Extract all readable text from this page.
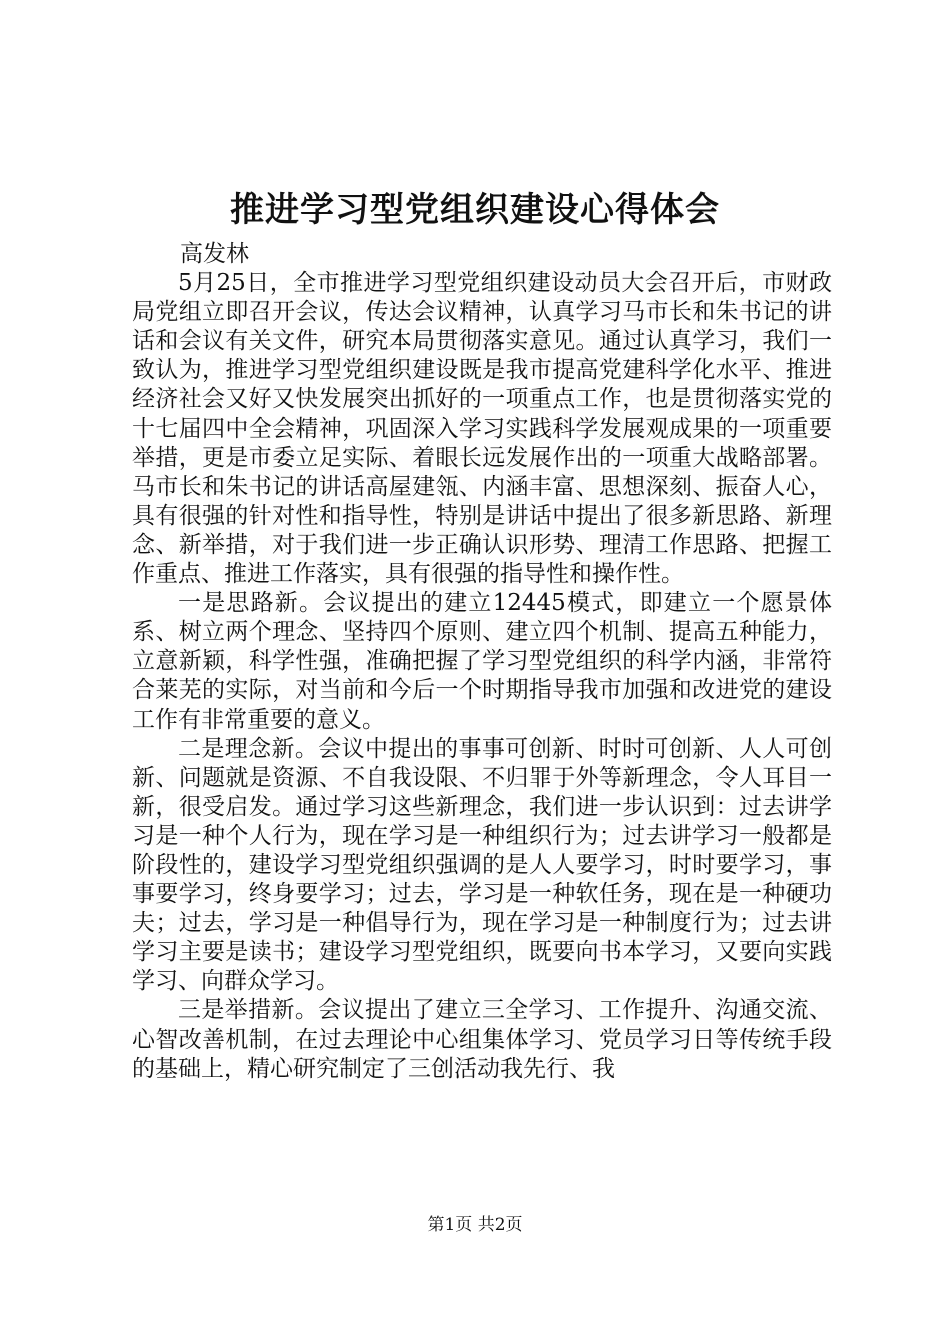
推进学习型党组织建设心得体会

高发林

5月25日，全市推进学习型党组织建设动员大会召开后，市财政局党组立即召开会议，传达会议精神，认真学习马市长和朱书记的讲话和会议有关文件，研究本局贯彻落实意见。通过认真学习，我们一致认为，推进学习型党组织建设既是我市提高党建科学化水平、推进经济社会又好又快发展突出抓好的一项重点工作，也是贯彻落实党的十七届四中全会精神，巩固深入学习实践科学发展观成果的一项重要举措，更是市委立足实际、着眼长远发展作出的一项重大战略部署。马市长和朱书记的讲话高屋建瓴、内涵丰富、思想深刻、振奋人心，具有很强的针对性和指导性，特别是讲话中提出了很多新思路、新理念、新举措，对于我们进一步正确认识形势、理清工作思路、把握工作重点、推进工作落实，具有很强的指导性和操作性。

一是思路新。会议提出的建立12445模式，即建立一个愿景体系、树立两个理念、坚持四个原则、建立四个机制、提高五种能力，立意新颖，科学性强，准确把握了学习型党组织的科学内涵，非常符合莱芜的实际，对当前和今后一个时期指导我市加强和改进党的建设工作有非常重要的意义。

二是理念新。会议中提出的事事可创新、时时可创新、人人可创新、问题就是资源、不自我设限、不归罪于外等新理念，令人耳目一新，很受启发。通过学习这些新理念，我们进一步认识到：过去讲学习是一种个人行为，现在学习是一种组织行为；过去讲学习一般都是阶段性的，建设学习型党组织强调的是人人要学习，时时要学习，事事要学习，终身要学习；过去，学习是一种软任务，现在是一种硬功夫；过去，学习是一种倡导行为，现在学习是一种制度行为；过去讲学习主要是读书；建设学习型党组织，既要向书本学习，又要向实践学习、向群众学习。

三是举措新。会议提出了建立三全学习、工作提升、沟通交流、心智改善机制，在过去理论中心组集体学习、党员学习日等传统手段的基础上，精心研究制定了三创活动我先行、我

第1页 共2页
